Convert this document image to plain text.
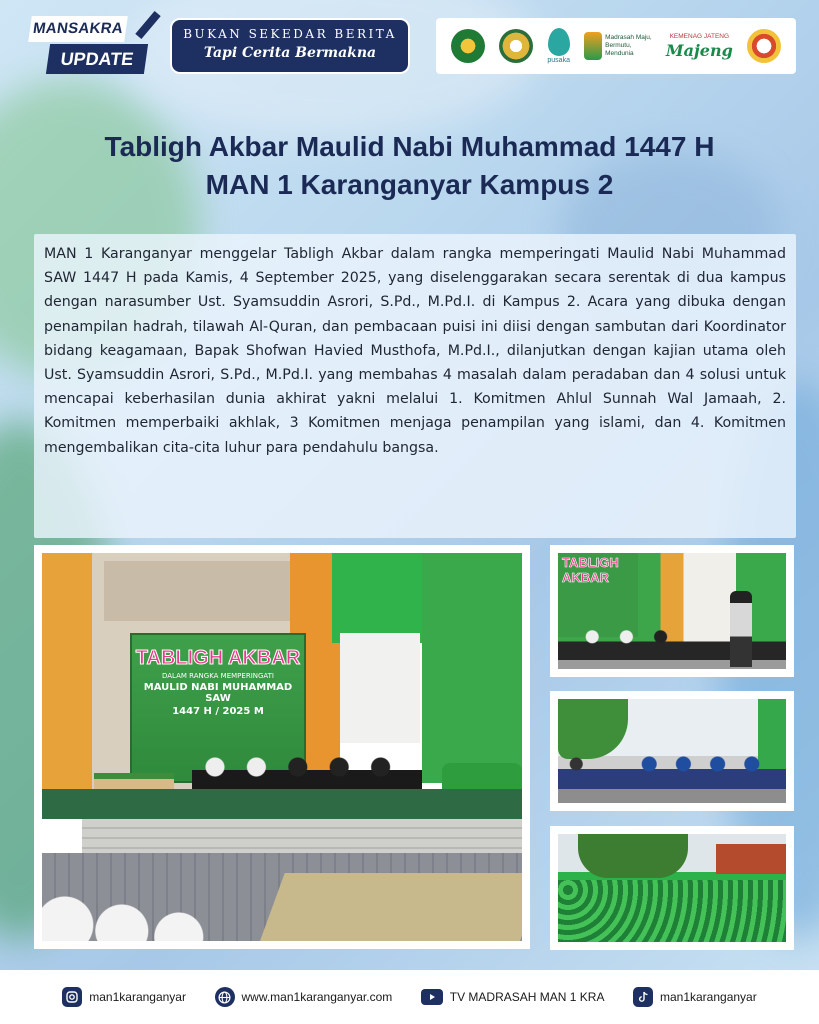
MANSAKRA
UPDATE
BUKAN SEKEDAR BERITA
Tapi Cerita Bermakna	pusaka
Madrasah Maju,
Bermutu,
Mendunia
KEMENAG JATENG
Majeng
Tabligh Akbar Maulid Nabi Muhammad 1447 H
MAN 1 Karanganyar Kampus 2

MAN 1 Karanganyar menggelar Tabligh Akbar dalam rangka memperingati Maulid Nabi Muhammad SAW 1447 H pada Kamis, 4 September 2025, yang diselenggarakan secara serentak di dua kampus dengan narasumber Ust. Syamsuddin Asrori, S.Pd., M.Pd.I. di Kampus 2. Acara yang dibuka dengan penampilan hadrah, tilawah Al-Quran, dan pembacaan puisi ini diisi dengan sambutan dari Koordinator bidang keagamaan, Bapak Shofwan Havied Musthofa, M.Pd.I., dilanjutkan dengan kajian utama oleh Ust. Syamsuddin Asrori, S.Pd., M.Pd.I. yang membahas 4 masalah dalam peradaban dan 4 solusi untuk mencapai keberhasilan dunia akhirat yakni melalui 1. Komitmen Ahlul Sunnah Wal Jamaah, 2. Komitmen memperbaiki akhlak, 3 Komitmen menjaga penampilan yang islami, dan 4. Komitmen mengembalikan cita-cita luhur para pendahulu bangsa.

TABLIGH AKBAR
DALAM RANGKA MEMPERINGATI
MAULID NABI MUHAMMAD SAW
1447 H / 2025 M
TABLIGH AKBAR
man1karanganyar	www.man1karanganyar.com	TV MADRASAH MAN 1 KRA	man1karanganyar
